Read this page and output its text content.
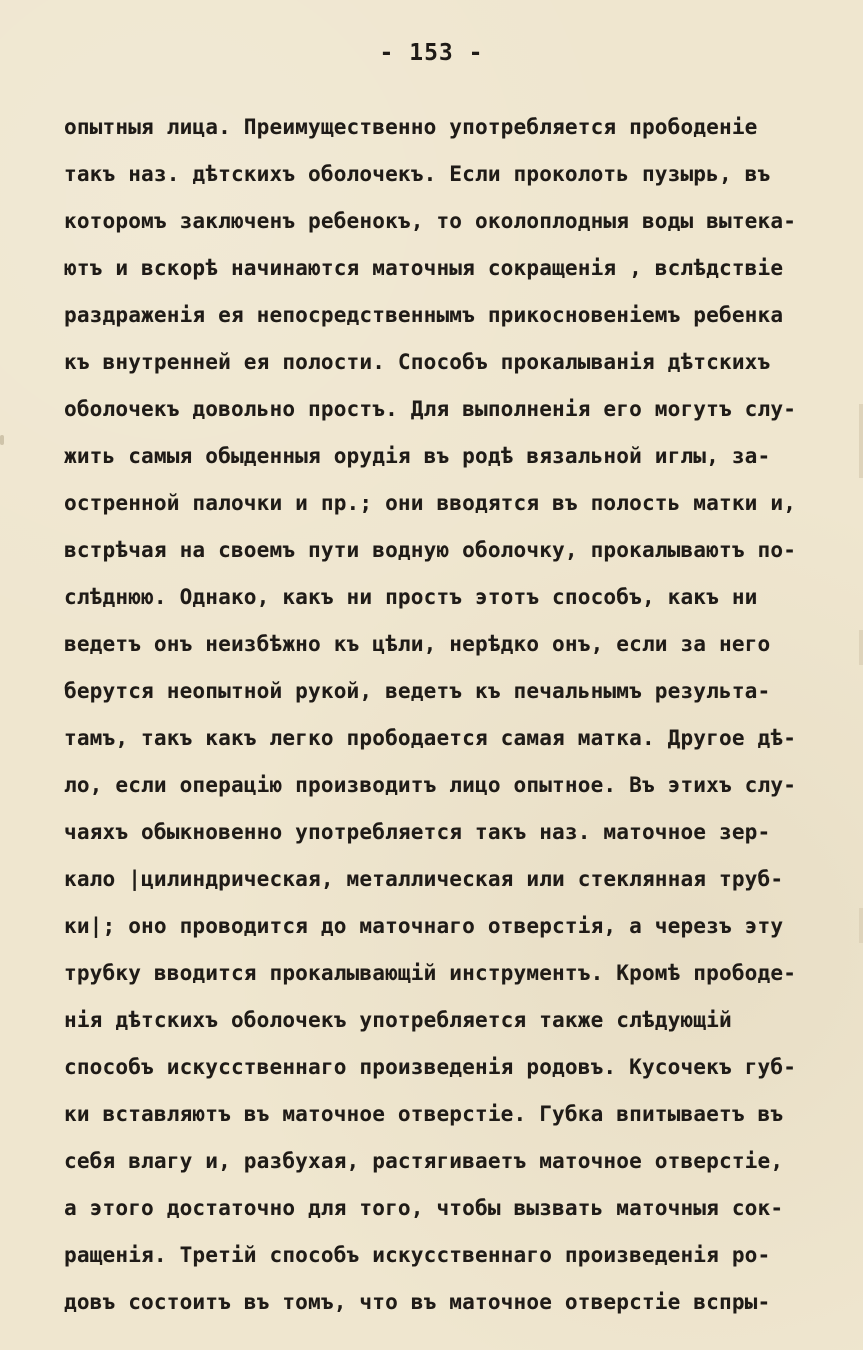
- 153 -
опытныя лица. Преимущественно употребляется прободеніе
такъ наз. дѣтскихъ оболочекъ. Если проколоть пузырь, въ
которомъ заключенъ ребенокъ, то околоплодныя воды вытека-
ютъ и вскорѣ начинаются маточныя сокращенія , вслѣдствіе
раздраженія ея непосредственнымъ прикосновеніемъ ребенка
къ внутренней ея полости. Способъ прокалыванія дѣтскихъ
оболочекъ довольно простъ. Для выполненія его могутъ слу-
жить самыя обыденныя орудія въ родѣ вязальной иглы, за-
остренной палочки и пр.; они вводятся въ полость матки и,
встрѣчая на своемъ пути водную оболочку, прокалываютъ по-
слѣднюю. Однако, какъ ни простъ этотъ способъ, какъ ни
ведетъ онъ неизбѣжно къ цѣли, нерѣдко онъ, если за него
берутся неопытной рукой, ведетъ къ печальнымъ результа-
тамъ, такъ какъ легко прободается самая матка. Другое дѣ-
ло, если операцію производитъ лицо опытное. Въ этихъ слу-
чаяхъ обыкновенно употребляется такъ наз. маточное зер-
кало |цилиндрическая, металлическая или стеклянная труб-
ки|; оно проводится до маточнаго отверстія, а черезъ эту
трубку вводится прокалывающій инструментъ. Кромѣ прободе-
нія дѣтскихъ оболочекъ употребляется также слѣдующій
способъ искусственнаго произведенія родовъ. Кусочекъ губ-
ки вставляютъ въ маточное отверстіе. Губка впитываетъ въ
себя влагу и, разбухая, растягиваетъ маточное отверстіе,
а этого достаточно для того, чтобы вызвать маточныя сок-
ращенія. Третій способъ искусственнаго произведенія ро-
довъ состоитъ въ томъ, что въ маточное отверстіе вспры-
